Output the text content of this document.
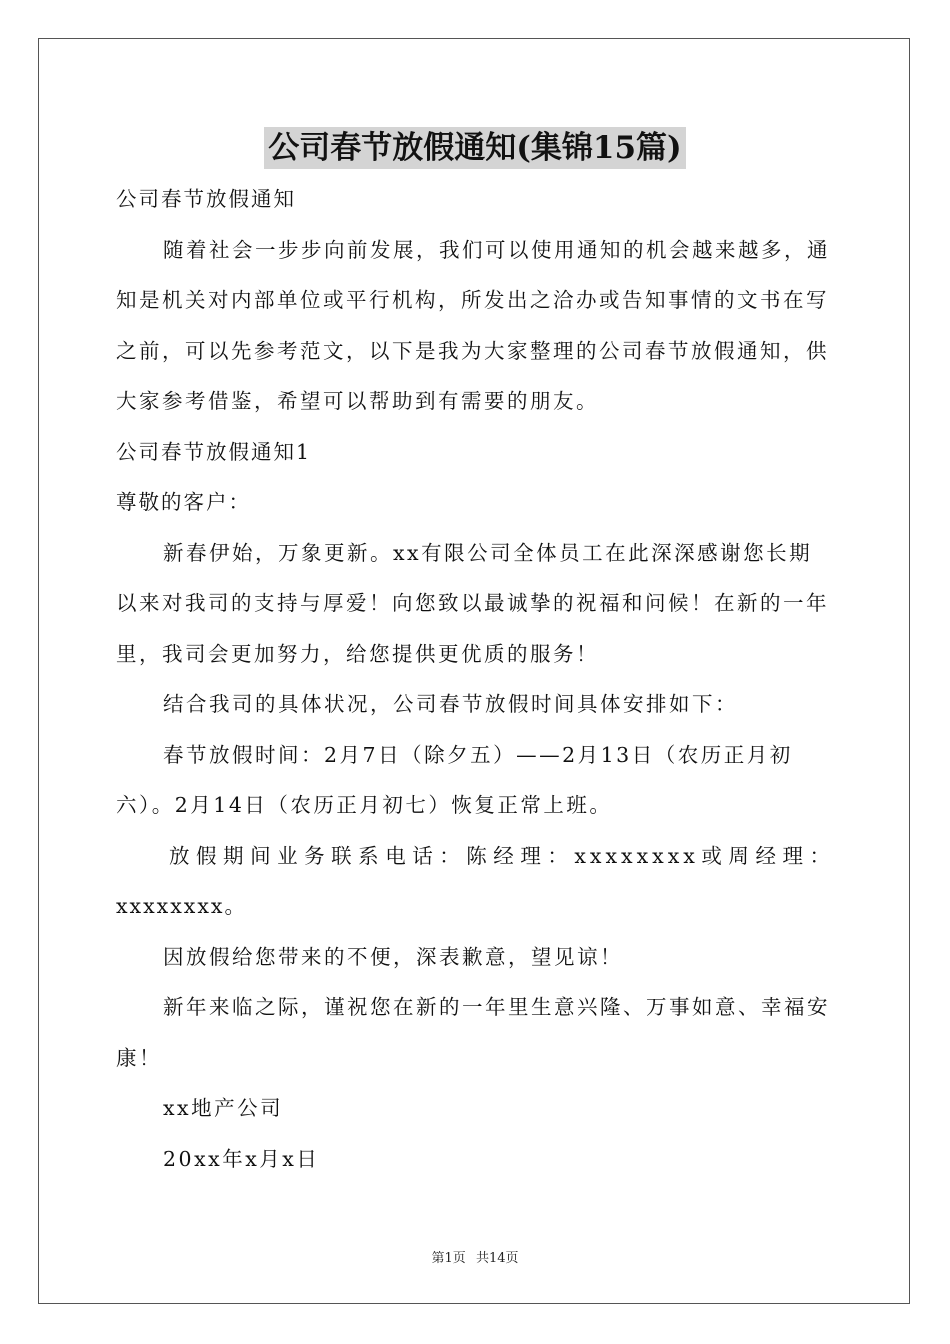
公司春节放假通知(集锦15篇)

公司春节放假通知

随着社会一步步向前发展，我们可以使用通知的机会越来越多，通知是机关对内部单位或平行机构，所发出之洽办或告知事情的文书在写之前，可以先参考范文，以下是我为大家整理的公司春节放假通知，供大家参考借鉴，希望可以帮助到有需要的朋友。

公司春节放假通知1

尊敬的客户：

新春伊始，万象更新。xx有限公司全体员工在此深深感谢您长期以来对我司的支持与厚爱！向您致以最诚挚的祝福和问候！在新的一年里，我司会更加努力，给您提供更优质的服务！

结合我司的具体状况，公司春节放假时间具体安排如下：

春节放假时间：2月7日（除夕五）——2月13日（农历正月初六）。2月14日（农历正月初七）恢复正常上班。

放假期间业务联系电话：陈经理：xxxxxxxx或周经理：

xxxxxxxx。

因放假给您带来的不便，深表歉意，望见谅！

新年来临之际，谨祝您在新的一年里生意兴隆、万事如意、幸福安康！

xx地产公司

20xx年x月x日

第1页 共14页
